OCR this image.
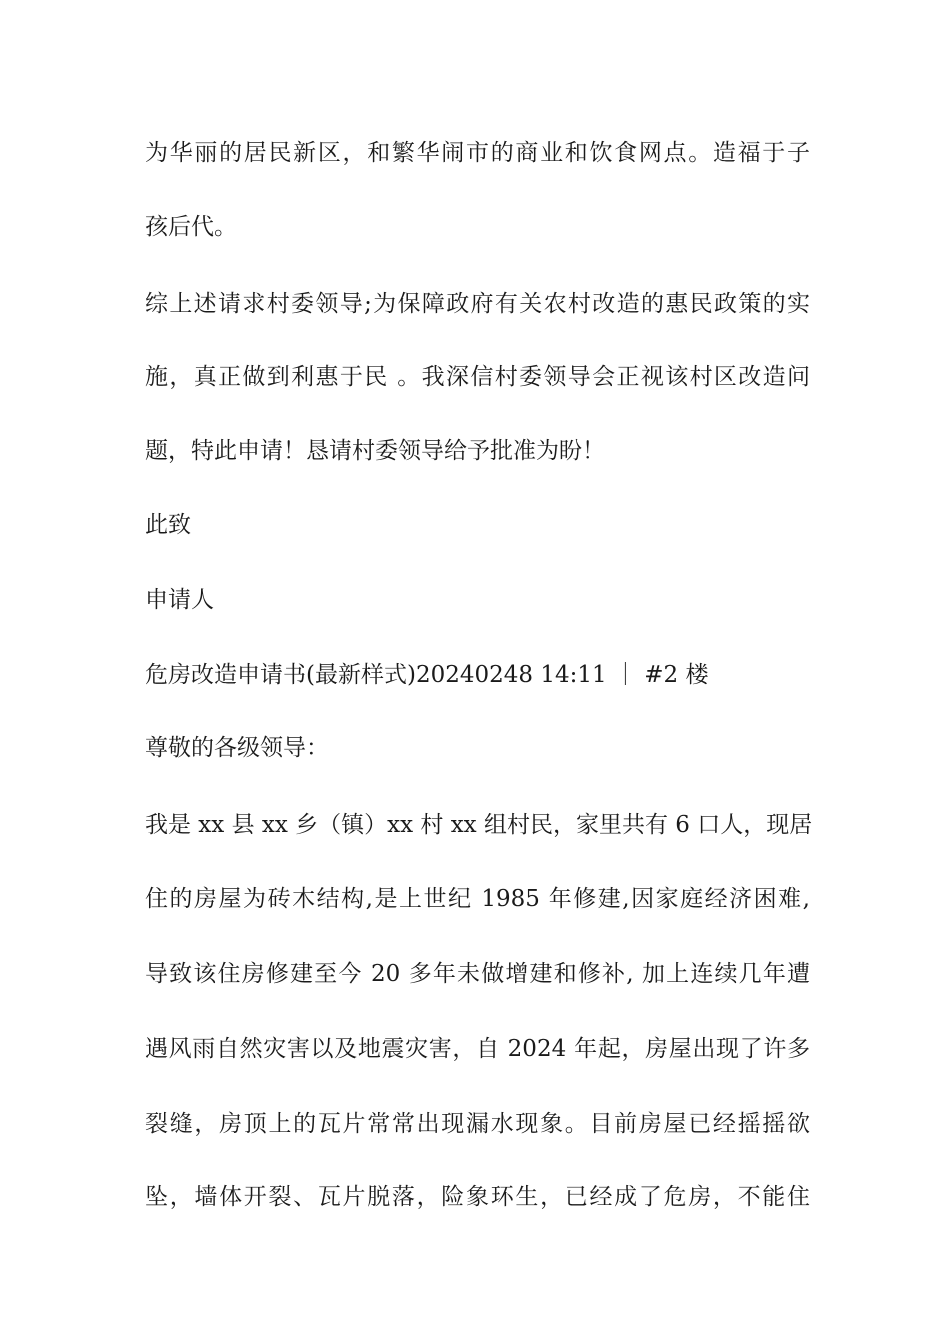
为华丽的居民新区，和繁华闹市的商业和饮食网点。造福于子

孩后代。

综上述请求村委领导;为保障政府有关农村改造的惠民政策的实

施，真正做到利惠于民 。我深信村委领导会正视该村区改造问

题，特此申请！恳请村委领导给予批准为盼！

此致

申请人

危房改造申请书(最新样式)20240248 14:11 ｜ #2 楼

尊敬的各级领导：

我是 xx 县 xx 乡（镇）xx 村 xx 组村民，家里共有 6 口人，现居

住的房屋为砖木结构,是上世纪 1985 年修建,因家庭经济困难,

导致该住房修建至今 20 多年未做增建和修补, 加上连续几年遭

遇风雨自然灾害以及地震灾害，自 2024 年起，房屋出现了许多

裂缝，房顶上的瓦片常常出现漏水现象。目前房屋已经摇摇欲

坠，墙体开裂、瓦片脱落，险象环生，已经成了危房，不能住
